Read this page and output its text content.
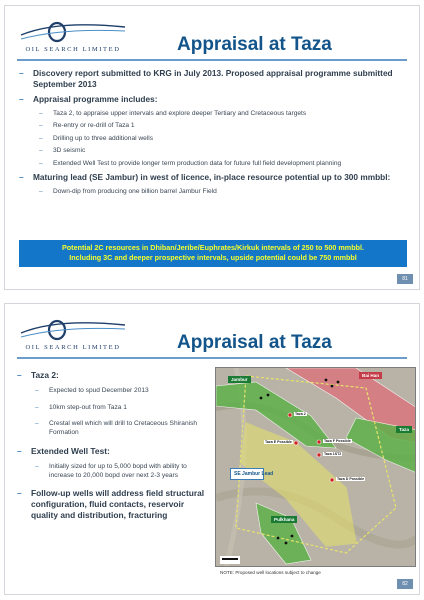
OIL SEARCH LIMITED	Appraisal at Taza
– Discovery report submitted to KRG in July 2013. Proposed appraisal programme submitted September 2013
– Appraisal programme includes:
– Taza 2, to appraise upper intervals and explore deeper Tertiary and Cretaceous targets
– Re-entry or re-drill of Taza 1
– Drilling up to three additional wells
– 3D seismic
– Extended Well Test to provide longer term production data for future full field development planning
– Maturing lead (SE Jambur) in west of licence, in-place resource potential up to 300 mmbbl:
– Down-dip from producing one billion barrel Jambur Field
Potential 2C resources in Dhiban/Jeribe/Euphrates/Kirkuk intervals of 250 to 500 mmbbl.
Including 3C and deeper prospective intervals, upside potential could be 750 mmbbl
81
OIL SEARCH LIMITED	Appraisal at Taza
– Taza 2:
– Expected to spud December 2013
– 10km step-out from Taza 1
– Crestal well which will drill to Cretaceous Shiranish Formation
– Extended Well Test:
– Initially sized for up to 5,000 bopd with ability to increase to 20,000 bopd over next 2-3 years
– Follow-up wells will address field structural configuration, fluid contacts, reservoir quality and distribution, fracturing
Bai Han
Jambur
Taza
SE Jambur Lead
Pulkhana
Taza 2
Taza E Possible	Taza F Possible
Taza 1ST2
Taza D Possible
NOTE: Proposed well locations subject to change
82
